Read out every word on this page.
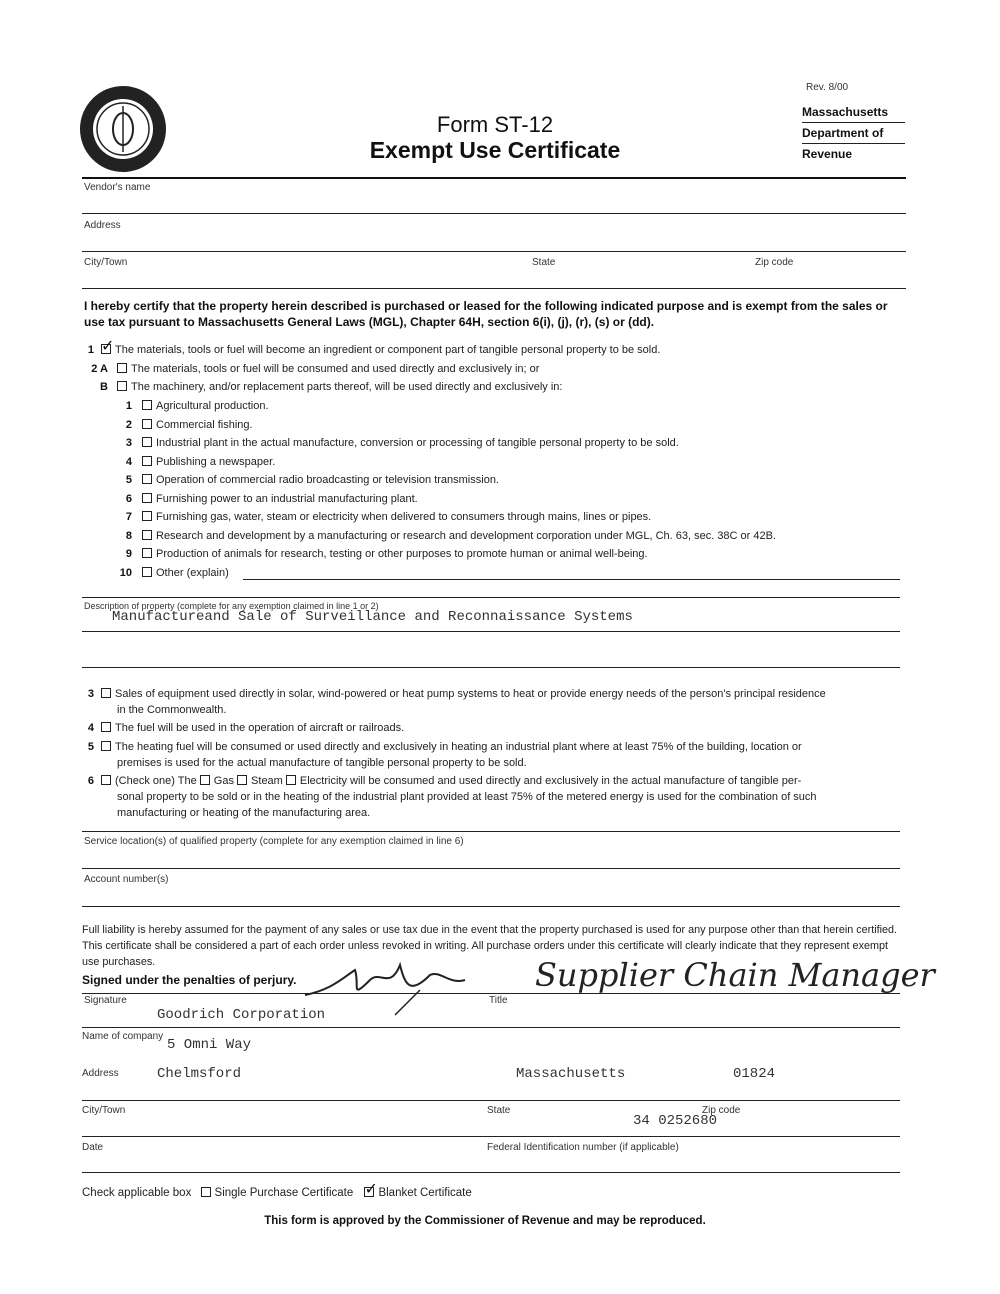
Rev. 8/00
Massachusetts
Department of
Revenue
Form ST-12
Exempt Use Certificate
Vendor's name
Address
City/Town	State	Zip code
I hereby certify that the property herein described is purchased or leased for the following indicated purpose and is exempt from the sales or use tax pursuant to Massachusetts General Laws (MGL), Chapter 64H, section 6(i), (j), (r), (s) or (dd).
1 ✓	The materials, tools or fuel will become an ingredient or component part of tangible personal property to be sold.
2 A	The materials, tools or fuel will be consumed and used directly and exclusively in; or
B	The machinery, and/or replacement parts thereof, will be used directly and exclusively in:
1	Agricultural production.
2	Commercial fishing.
3	Industrial plant in the actual manufacture, conversion or processing of tangible personal property to be sold.
4	Publishing a newspaper.
5	Operation of commercial radio broadcasting or television transmission.
6	Furnishing power to an industrial manufacturing plant.
7	Furnishing gas, water, steam or electricity when delivered to consumers through mains, lines or pipes.
8	Research and development by a manufacturing or research and development corporation under MGL, Ch. 63, sec. 38C or 42B.
9	Production of animals for research, testing or other purposes to promote human or animal well-being.
10	Other (explain)
Description of property (complete for any exemption claimed in line 1 or 2)
Manufactureand Sale of Surveillance and Reconnaissance Systems
3	Sales of equipment used directly in solar, wind-powered or heat pump systems to heat or provide energy needs of the person's principal residence
in the Commonwealth.
4	The fuel will be used in the operation of aircraft or railroads.
5	The heating fuel will be consumed or used directly and exclusively in heating an industrial plant where at least 75% of the building, location or
premises is used for the actual manufacture of tangible personal property to be sold.
6	(Check one) The Gas Steam Electricity will be consumed and used directly and exclusively in the actual manufacture of tangible per-
sonal property to be sold or in the heating of the industrial plant provided at least 75% of the metered energy is used for the combination of such
manufacturing or heating of the manufacturing area.
Service location(s) of qualified property (complete for any exemption claimed in line 6)
Account number(s)
Full liability is hereby assumed for the payment of any sales or use tax due in the event that the property purchased is used for any purpose other than that herein certified. This certificate shall be considered a part of each order unless revoked in writing. All purchase orders under this certificate will clearly indicate that they represent exempt use purchases.
Signed under the penalties of perjury.	Supplier Chain Manager
Signature	Title
Goodrich Corporation
Name of company
5 Omni Way
Address	Chelmsford	Massachusetts	01824
City/Town	State	Zip code
34 0252680
Date	Federal Identification number (if applicable)
Check applicable box Single Purchase Certificate ✓ Blanket Certificate
This form is approved by the Commissioner of Revenue and may be reproduced.
